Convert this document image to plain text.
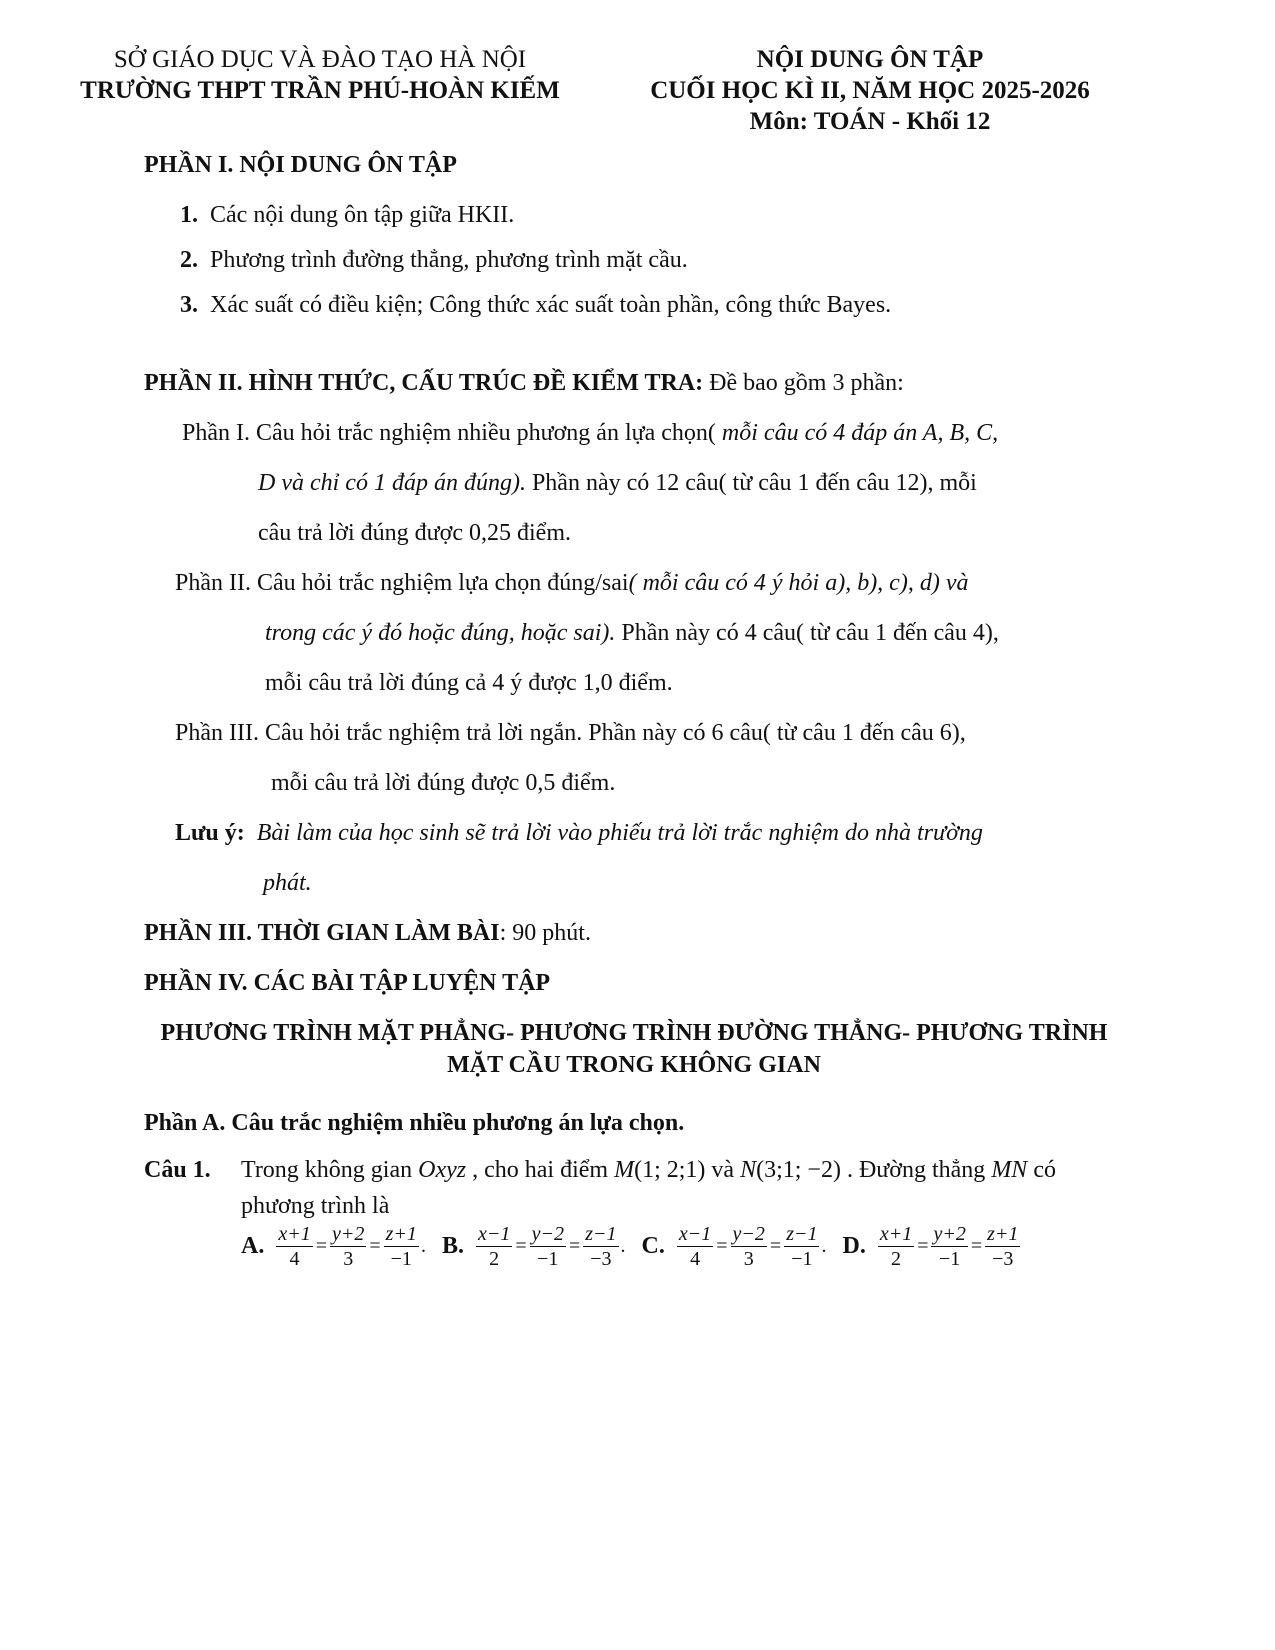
SỞ GIÁO DỤC VÀ ĐÀO TẠO HÀ NỘI
TRƯỜNG THPT TRẦN PHÚ-HOÀN KIẾM
NỘI DUNG ÔN TẬP
CUỐI HỌC KÌ II, NĂM HỌC 2025-2026
Môn: TOÁN - Khối 12
PHẦN I. NỘI DUNG ÔN TẬP
1. Các nội dung ôn tập giữa HKII.
2. Phương trình đường thẳng, phương trình mặt cầu.
3. Xác suất có điều kiện; Công thức xác suất toàn phần, công thức Bayes.
PHẦN II. HÌNH THỨC, CẤU TRÚC ĐỀ KIỂM TRA: Đề bao gồm 3 phần:
Phần I. Câu hỏi trắc nghiệm nhiều phương án lựa chọn( mỗi câu có 4 đáp án A, B, C,
D và chỉ có 1 đáp án đúng). Phần này có 12 câu( từ câu 1 đến câu 12), mỗi
câu trả lời đúng được 0,25 điểm.
Phần II. Câu hỏi trắc nghiệm lựa chọn đúng/sai( mỗi câu có 4 ý hỏi a), b), c), d) và
trong các ý đó hoặc đúng, hoặc sai). Phần này có 4 câu( từ câu 1 đến câu 4),
mỗi câu trả lời đúng cả 4 ý được 1,0 điểm.
Phần III. Câu hỏi trắc nghiệm trả lời ngắn. Phần này có 6 câu( từ câu 1 đến câu 6),
mỗi câu trả lời đúng được 0,5 điểm.
Lưu ý: Bài làm của học sinh sẽ trả lời vào phiếu trả lời trắc nghiệm do nhà trường
phát.
PHẦN III. THỜI GIAN LÀM BÀI: 90 phút.
PHẦN IV. CÁC BÀI TẬP LUYỆN TẬP
PHƯƠNG TRÌNH MẶT PHẲNG- PHƯƠNG TRÌNH ĐƯỜNG THẲNG- PHƯƠNG TRÌNH
MẶT CẦU TRONG KHÔNG GIAN
Phần A. Câu trắc nghiệm nhiều phương án lựa chọn.
Câu 1. Trong không gian Oxyz , cho hai điểm M(1; 2;1) và N(3;1; −2) . Đường thẳng MN có
phương trình là
A. $\frac{x+1}{4} = \frac{y+2}{3} = \frac{z+1}{-1}$ . B. $\frac{x-1}{2} = \frac{y-2}{-1} = \frac{z-1}{-3}$ . C. $\frac{x-1}{4} = \frac{y-2}{3} = \frac{z-1}{-1}$ . D. $\frac{x+1}{2} = \frac{y+2}{-1} = \frac{z+1}{-3}$
